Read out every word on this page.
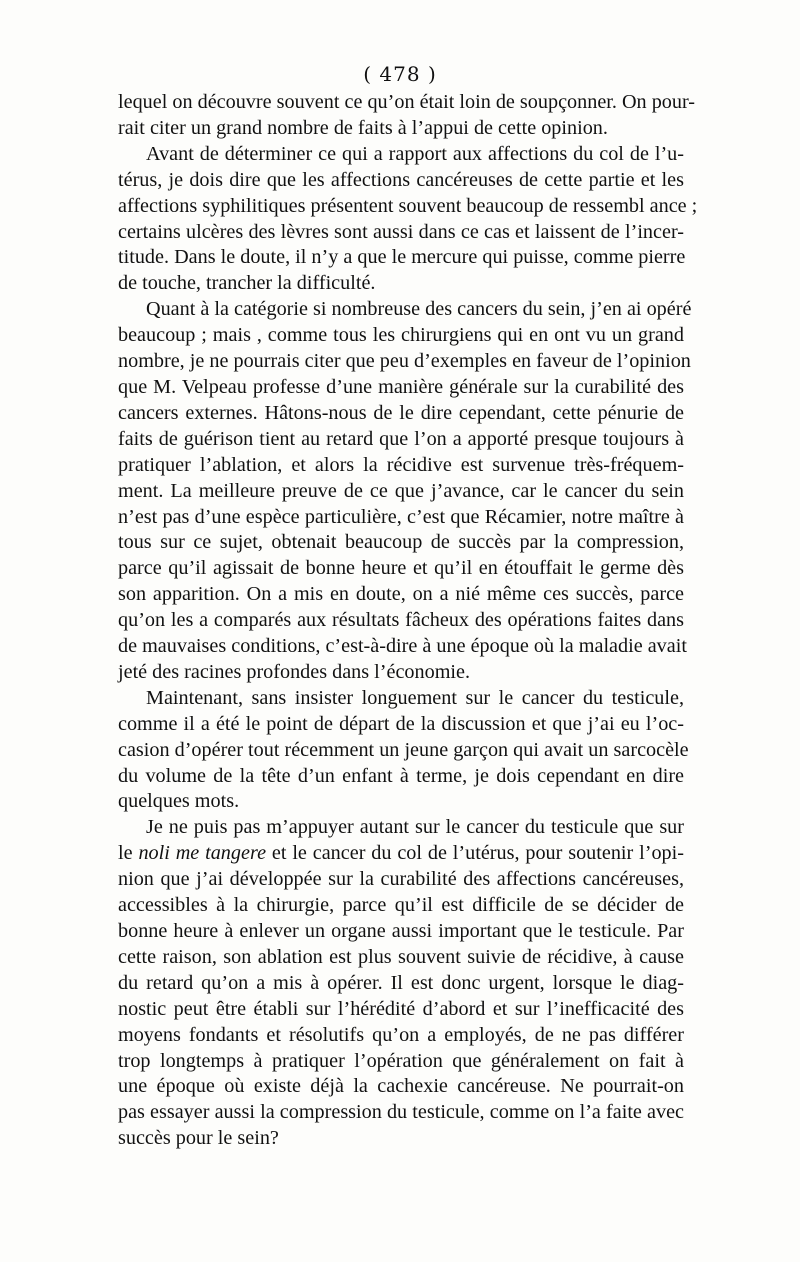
( 478 )
lequel on découvre souvent ce qu’on était loin de soupçonner. On pour-
rait citer un grand nombre de faits à l’appui de cette opinion.
Avant de déterminer ce qui a rapport aux affections du col de l’u-
térus, je dois dire que les affections cancéreuses de cette partie et les
affections syphilitiques présentent souvent beaucoup de ressembl ance ;
certains ulcères des lèvres sont aussi dans ce cas et laissent de l’incer-
titude. Dans le doute, il n’y a que le mercure qui puisse, comme pierre
de touche, trancher la difficulté.
Quant à la catégorie si nombreuse des cancers du sein, j’en ai opéré
beaucoup ; mais , comme tous les chirurgiens qui en ont vu un grand
nombre, je ne pourrais citer que peu d’exemples en faveur de l’opinion
que M. Velpeau professe d’une manière générale sur la curabilité des
cancers externes. Hâtons-nous de le dire cependant, cette pénurie de
faits de guérison tient au retard que l’on a apporté presque toujours à
pratiquer l’ablation, et alors la récidive est survenue très-fréquem-
ment. La meilleure preuve de ce que j’avance, car le cancer du sein
n’est pas d’une espèce particulière, c’est que Récamier, notre maître à
tous sur ce sujet, obtenait beaucoup de succès par la compression,
parce qu’il agissait de bonne heure et qu’il en étouffait le germe dès
son apparition. On a mis en doute, on a nié même ces succès, parce
qu’on les a comparés aux résultats fâcheux des opérations faites dans
de mauvaises conditions, c’est-à-dire à une époque où la maladie avait
jeté des racines profondes dans l’économie.
Maintenant, sans insister longuement sur le cancer du testicule,
comme il a été le point de départ de la discussion et que j’ai eu l’oc-
casion d’opérer tout récemment un jeune garçon qui avait un sarcocèle
du volume de la tête d’un enfant à terme, je dois cependant en dire
quelques mots.
Je ne puis pas m’appuyer autant sur le cancer du testicule que sur
le noli me tangere et le cancer du col de l’utérus, pour soutenir l’opi-
nion que j’ai développée sur la curabilité des affections cancéreuses,
accessibles à la chirurgie, parce qu’il est difficile de se décider de
bonne heure à enlever un organe aussi important que le testicule. Par
cette raison, son ablation est plus souvent suivie de récidive, à cause
du retard qu’on a mis à opérer. Il est donc urgent, lorsque le diag-
nostic peut être établi sur l’hérédité d’abord et sur l’inefficacité des
moyens fondants et résolutifs qu’on a employés, de ne pas différer
trop longtemps à pratiquer l’opération que généralement on fait à
une époque où existe déjà la cachexie cancéreuse. Ne pourrait-on
pas essayer aussi la compression du testicule, comme on l’a faite avec
succès pour le sein?
